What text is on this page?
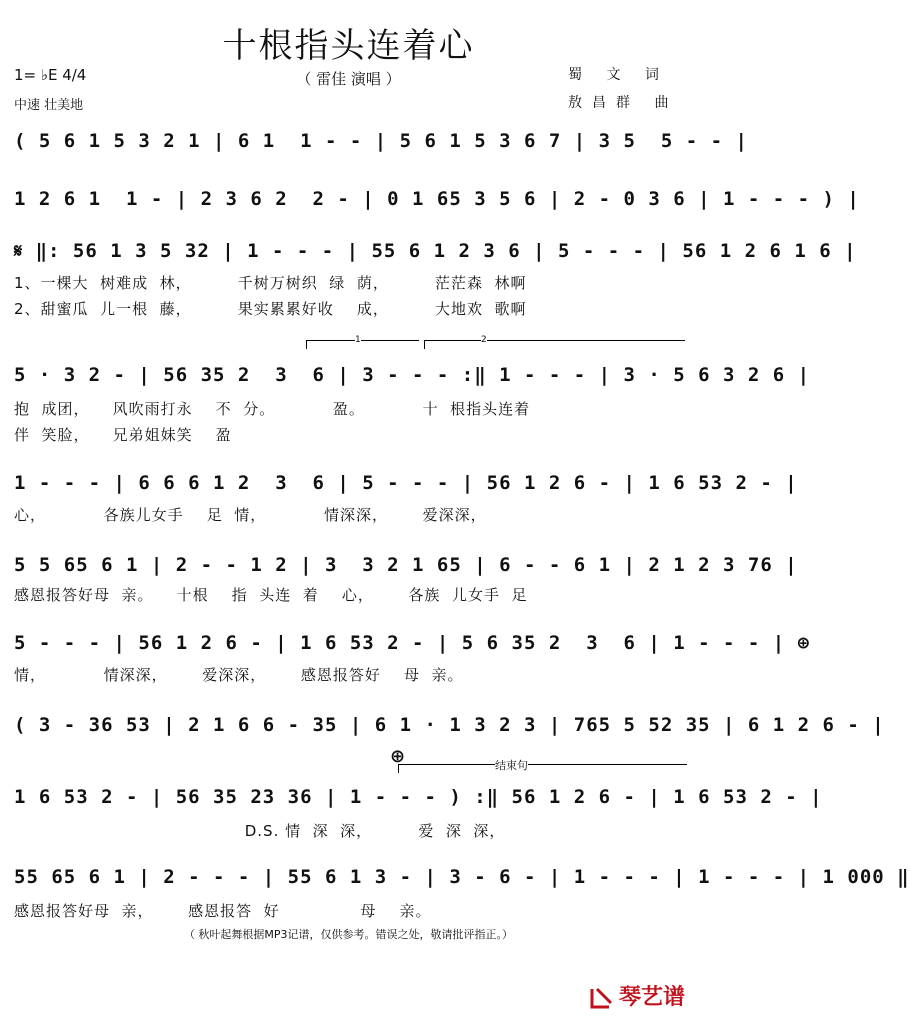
十根指头连着心
（ 雷佳 演唱 ）
1= ♭E 4/4
中速 壮美地
蜀 文 词
敖昌群 曲
( 5 6 1 5 3 2 1 | 6 1  1 - - | 5 6 1 5 3 6 7 | 3 5  5 - - |
1 2 6 1  1 - | 2 3 6 2  2 - | 0 1 65 3 5 6 | 2 - 0 3 6 | 1 - - - ) |
𝄋 ‖: 56 1 3 5 32 | 1 - - - | 55 6 1 2 3 6 | 5 - - - | 56 1 2 6 1 6 |
1、一棵大  树难成  林，        千树万树织  绿  荫，        茫茫森  林啊
2、甜蜜瓜  儿一根  藤，        果实累累好收    成，        大地欢  歌啊
1	2
5 · 3 2 - | 56 35 2  3  6 | 3 - - - :‖ 1 - - - | 3 · 5 6 3 2 6 |
抱  成团，    风吹雨打永    不  分。          盈。          十  根指头连着
伴  笑脸，    兄弟姐妹笑    盈
1 - - - | 6 6 6 1 2  3  6 | 5 - - - | 56 1 2 6 - | 1 6 53 2 - |
心，          各族儿女手    足  情，          情深深，      爱深深，
5 5 65 6 1 | 2 - - 1 2 | 3  3 2 1 65 | 6 - - 6 1 | 2 1 2 3 76 |
感恩报答好母  亲。    十根    指  头连  着    心，      各族  儿女手  足
5 - - - | 56 1 2 6 - | 1 6 53 2 - | 5 6 35 2  3  6 | 1 - - - | ⊕
情，          情深深，      爱深深，      感恩报答好    母  亲。
( 3 - 36 53 | 2 1 6 6 - 35 | 6 1 · 1 3 2 3 | 765 5 52 35 | 6 1 2 6 - |
⊕	结束句
1 6 53 2 - | 56 35 23 36 | 1 - - - ) :‖ 56 1 2 6 - | 1 6 53 2 - |
D.S. 情  深  深，        爱  深  深，
55 65 6 1 | 2 - - - | 55 6 1 3 - | 3 - 6 - | 1 - - - | 1 - - - | 1 000 ‖
感恩报答好母  亲，      感恩报答  好              母    亲。
（ 秋叶起舞根据MP3记谱，仅供参考。错误之处，敬请批评指正。）
琴艺谱
